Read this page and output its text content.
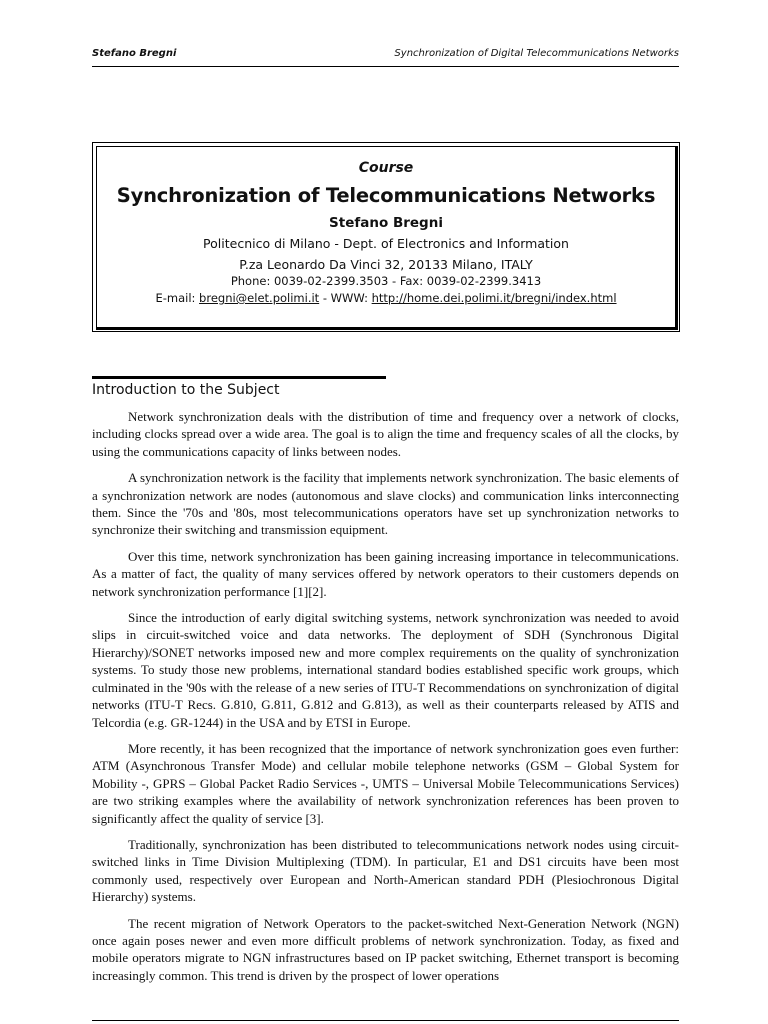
Stefano Bregni	Synchronization of Digital Telecommunications Networks
Course
Synchronization of Telecommunications Networks
Stefano Bregni
Politecnico di Milano - Dept. of Electronics and Information
P.za Leonardo Da Vinci 32, 20133 Milano, ITALY
Phone: 0039-02-2399.3503 - Fax: 0039-02-2399.3413
E-mail: bregni@elet.polimi.it - WWW: http://home.dei.polimi.it/bregni/index.html
Introduction to the Subject

Network synchronization deals with the distribution of time and frequency over a network of clocks, including clocks spread over a wide area. The goal is to align the time and frequency scales of all the clocks, by using the communications capacity of links between nodes.

A synchronization network is the facility that implements network synchronization. The basic elements of a synchronization network are nodes (autonomous and slave clocks) and communication links interconnecting them. Since the '70s and '80s, most telecommunications operators have set up synchronization networks to synchronize their switching and transmission equipment.

Over this time, network synchronization has been gaining increasing importance in telecommunications. As a matter of fact, the quality of many services offered by network operators to their customers depends on network synchronization performance [1][2].

Since the introduction of early digital switching systems, network synchronization was needed to avoid slips in circuit-switched voice and data networks. The deployment of SDH (Synchronous Digital Hierarchy)/SONET networks imposed new and more complex requirements on the quality of synchronization systems. To study those new problems, international standard bodies established specific work groups, which culminated in the '90s with the release of a new series of ITU-T Recommendations on synchronization of digital networks (ITU-T Recs. G.810, G.811, G.812 and G.813), as well as their counterparts released by ATIS and Telcordia (e.g. GR-1244) in the USA and by ETSI in Europe.

More recently, it has been recognized that the importance of network synchronization goes even further: ATM (Asynchronous Transfer Mode) and cellular mobile telephone networks (GSM – Global System for Mobility -, GPRS – Global Packet Radio Services -, UMTS – Universal Mobile Telecommunications Services) are two striking examples where the availability of network synchronization references has been proven to significantly affect the quality of service [3].

Traditionally, synchronization has been distributed to telecommunications network nodes using circuit-switched links in Time Division Multiplexing (TDM). In particular, E1 and DS1 circuits have been most commonly used, respectively over European and North-American standard PDH (Plesiochronous Digital Hierarchy) systems.

The recent migration of Network Operators to the packet-switched Next-Generation Network (NGN) once again poses newer and even more difficult problems of network synchronization. Today, as fixed and mobile operators migrate to NGN infrastructures based on IP packet switching, Ethernet transport is becoming increasingly common. This trend is driven by the prospect of lower operations
